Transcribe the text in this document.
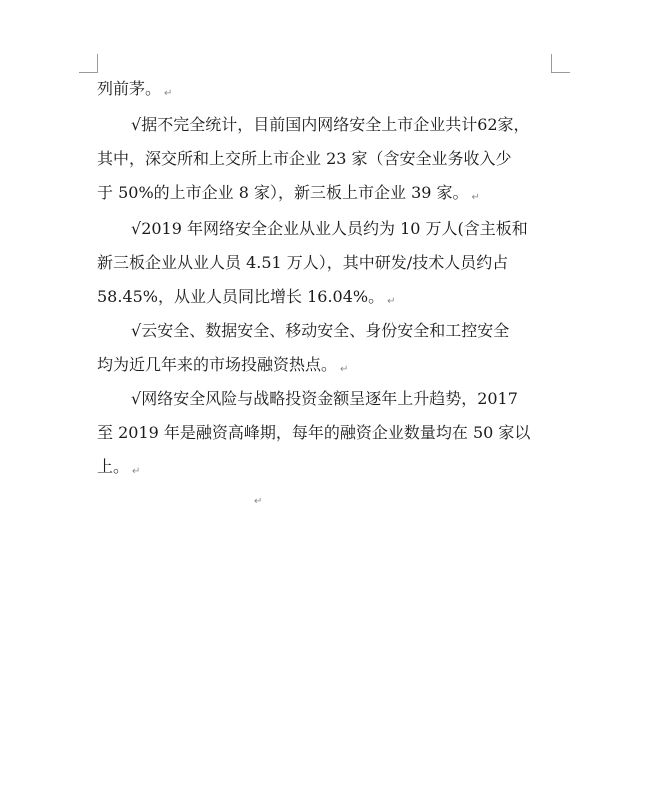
列前茅。 ↵
√据不完全统计，目前国内网络安全上市企业共计62家，
其中，深交所和上交所上市企业 23 家（含安全业务收入少
于 50%的上市企业 8 家），新三板上市企业 39 家。 ↵
√2019 年网络安全企业从业人员约为 10 万人(含主板和
新三板企业从业人员 4.51 万人），其中研发/技术人员约占
58.45%，从业人员同比增长 16.04%。 ↵
√云安全、数据安全、移动安全、身份安全和工控安全
均为近几年来的市场投融资热点。 ↵
√网络安全风险与战略投资金额呈逐年上升趋势，2017
至 2019 年是融资高峰期，每年的融资企业数量均在 50 家以
上。 ↵
↵
